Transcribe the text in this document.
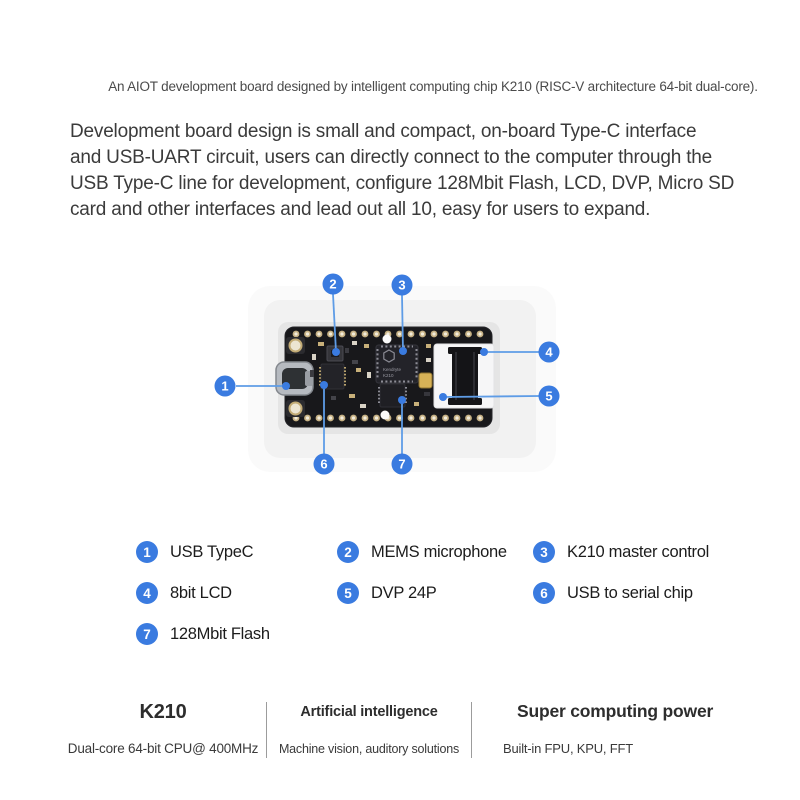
An AIOT development board designed by intelligent computing chip K210 (RISC-V architecture 64-bit dual-core).
Development board design is small and compact, on-board Type-C interface
and USB-UART circuit, users can directly connect to the computer through the
USB Type-C line for development, configure 128Mbit Flash, LCD, DVP, Micro SD
card and other interfaces and lead out all 10, easy for users to expand.
Kendryte
K210
1
2	3
4
5
6	7
1	USB TypeC	2	MEMS microphone	3	K210 master control
4	8bit LCD	5	DVP 24P	6	USB to serial chip
7	128Mbit Flash
K210
Dual-core 64-bit CPU@ 400MHz
Artificial intelligence
Machine vision, auditory solutions
Super computing power
Built-in FPU, KPU, FFT
